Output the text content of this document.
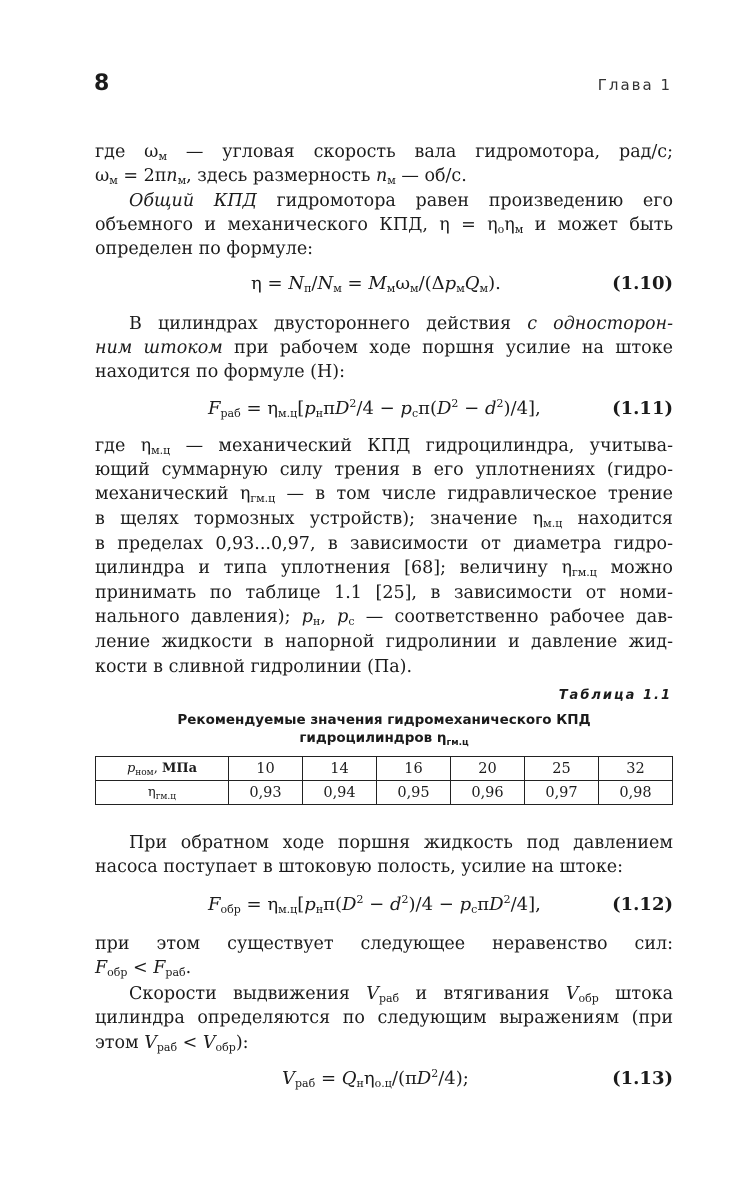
8	Глава 1
где $\omega_м$ — угловая скорость вала гидромотора, рад/с;
$\omega_м = 2\pi n_м$, здесь размерность $n_м$ — об/с.
Общий КПД гидромотора равен произведению его
объемного и механического КПД, $\eta = \eta_о\eta_м$ и может быть
определен по формуле:
$\eta = N_п/N_м = M_м\omega_м/(\Delta p_мQ_м)$.	(1.10)
В цилиндрах двустороннего действия с односторон-
ним штоком при рабочем ходе поршня усилие на штоке
находится по формуле (Н):
$F_{раб} = \eta_{м.ц}[p_н\pi D^2/4 - p_с\pi(D^2 - d^2)/4]$,	(1.11)
где $\eta_{м.ц}$ — механический КПД гидроцилиндра, учитыва-
ющий суммарную силу трения в его уплотнениях (гидро-
механический $\eta_{гм.ц}$ — в том числе гидравлическое трение
в щелях тормозных устройств); значение $\eta_{м.ц}$ находится
в пределах 0,93...0,97, в зависимости от диаметра гидро-
цилиндра и типа уплотнения [68]; величину $\eta_{гм.ц}$ можно
принимать по таблице 1.1 [25], в зависимости от номи-
нального давления); $p_н$, $p_с$ — соответственно рабочее дав-
ление жидкости в напорной гидролинии и давление жид-
кости в сливной гидролинии (Па).
Таблица 1.1
Рекомендуемые значения гидромеханического КПД
гидроцилиндров $\eta_{гм.ц}$
$p_{ном}$, МПа	10	14	16	20	25	32
$\eta_{гм.ц}$	0,93	0,94	0,95	0,96	0,97	0,98
При обратном ходе поршня жидкость под давлением
насоса поступает в штоковую полость, усилие на штоке:
$F_{обр} = \eta_{м.ц}[p_н\pi(D^2 - d^2)/4 - p_с\pi D^2/4]$,	(1.12)
при этом существует следующее неравенство сил:
$F_{обр} < F_{раб}$.
Скорости выдвижения $V_{раб}$ и втягивания $V_{обр}$ штока
цилиндра определяются по следующим выражениям (при
этом $V_{раб} < V_{обр}$):
$V_{раб} = Q_н\eta_{о.ц}/(\pi D^2/4)$;	(1.13)
